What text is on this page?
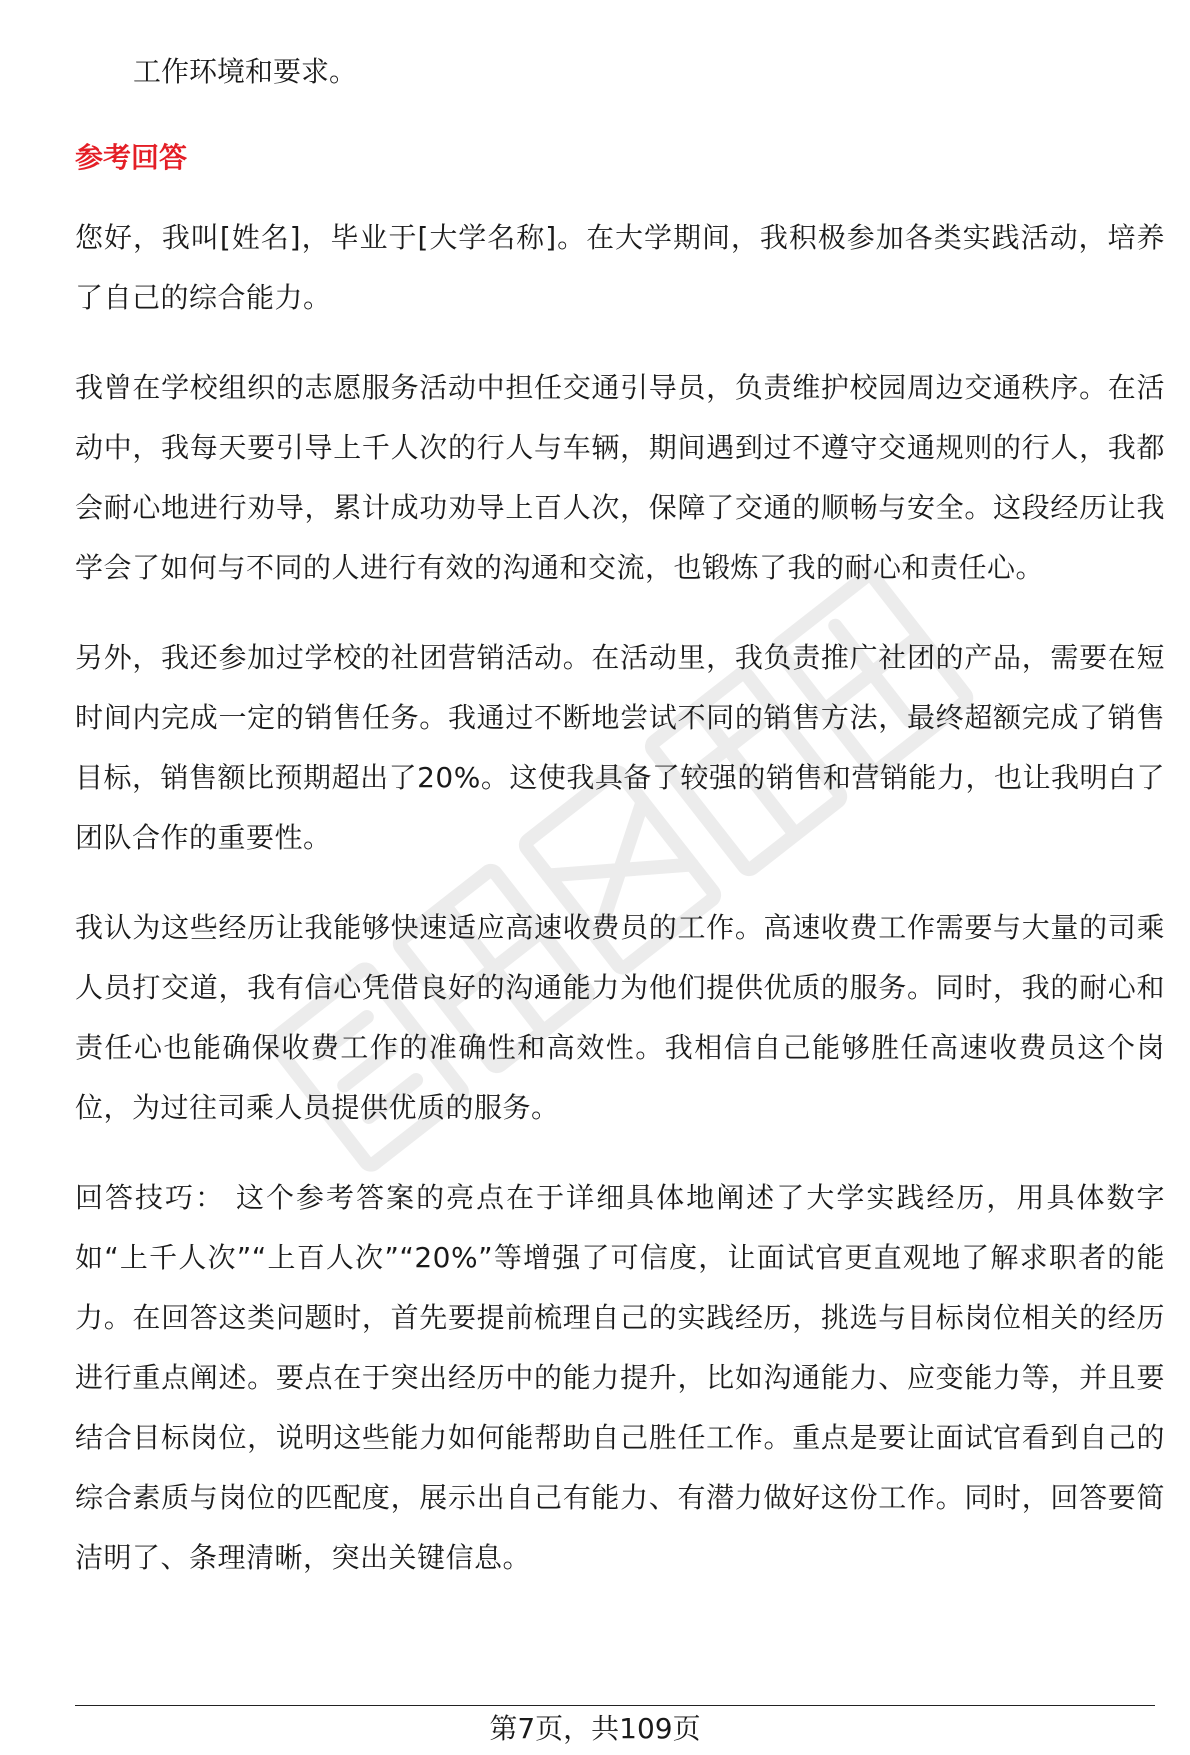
工作环境和要求。

参考回答

您好，我叫[姓名]，毕业于[大学名称]。在大学期间，我积极参加各类实践活动，培养了自己的综合能力。

我曾在学校组织的志愿服务活动中担任交通引导员，负责维护校园周边交通秩序。在活动中，我每天要引导上千人次的行人与车辆，期间遇到过不遵守交通规则的行人，我都会耐心地进行劝导，累计成功劝导上百人次，保障了交通的顺畅与安全。这段经历让我学会了如何与不同的人进行有效的沟通和交流，也锻炼了我的耐心和责任心。

另外，我还参加过学校的社团营销活动。在活动里，我负责推广社团的产品，需要在短时间内完成一定的销售任务。我通过不断地尝试不同的销售方法，最终超额完成了销售目标，销售额比预期超出了20%。这使我具备了较强的销售和营销能力，也让我明白了团队合作的重要性。

我认为这些经历让我能够快速适应高速收费员的工作。高速收费工作需要与大量的司乘人员打交道，我有信心凭借良好的沟通能力为他们提供优质的服务。同时，我的耐心和责任心也能确保收费工作的准确性和高效性。我相信自己能够胜任高速收费员这个岗位，为过往司乘人员提供优质的服务。

回答技巧： 这个参考答案的亮点在于详细具体地阐述了大学实践经历，用具体数字如“上千人次”“上百人次”“20%”等增强了可信度，让面试官更直观地了解求职者的能力。在回答这类问题时，首先要提前梳理自己的实践经历，挑选与目标岗位相关的经历进行重点阐述。要点在于突出经历中的能力提升，比如沟通能力、应变能力等，并且要结合目标岗位，说明这些能力如何能帮助自己胜任工作。重点是要让面试官看到自己的综合素质与岗位的匹配度，展示出自己有能力、有潜力做好这份工作。同时，回答要简洁明了、条理清晰，突出关键信息。

第7页，共109页
